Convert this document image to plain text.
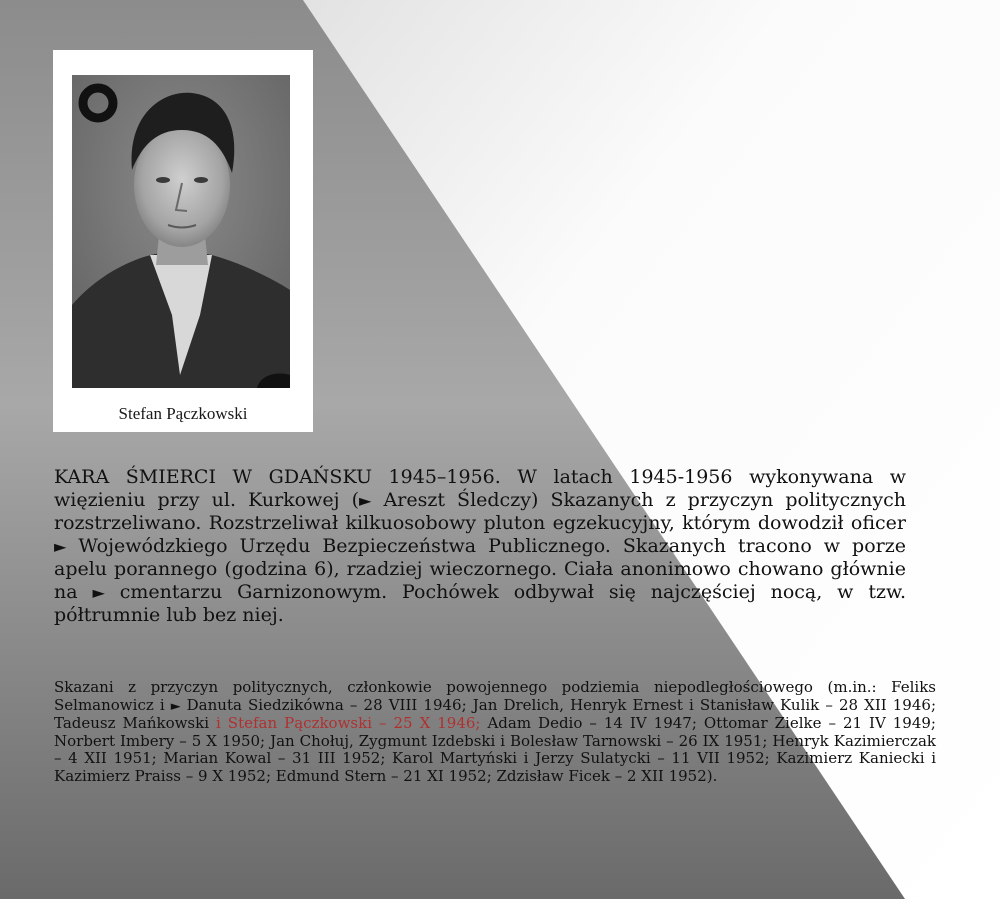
Stefan Pączkowski

KARA ŚMIERCI W GDAŃSKU 1945–1956. W latach 1945-1956 wykonywana w więzieniu przy ul. Kurkowej (► Areszt Śledczy) Skazanych z przyczyn politycznych rozstrzeliwano. Rozstrzeliwał kilkuosobowy pluton egzekucyjny, którym dowodził oficer ► Wojewódzkiego Urzędu Bezpieczeństwa Publicznego. Skazanych tracono w porze apelu porannego (godzina 6), rzadziej wieczornego. Ciała anonimowo chowano głównie na ► cmentarzu Garnizonowym. Pochówek odbywał się najczęściej nocą, w tzw. półtrumnie lub bez niej.

Skazani z przyczyn politycznych, członkowie powojennego podziemia niepodległościowego (m.in.: Feliks Selmanowicz i ► Danuta Siedzikówna – 28 VIII 1946; Jan Drelich, Henryk Ernest i Stanisław Kulik – 28 XII 1946; Tadeusz Mańkowski i Stefan Pączkowski – 25 X 1946; Adam Dedio – 14 IV 1947; Ottomar Zielke – 21 IV 1949; Norbert Imbery – 5 X 1950; Jan Chołuj, Zygmunt Izdebski i Bolesław Tarnowski – 26 IX 1951; Henryk Kazimierczak – 4 XII 1951; Marian Kowal – 31 III 1952; Karol Martyński i Jerzy Sulatycki – 11 VII 1952; Kazimierz Kaniecki i Kazimierz Praiss – 9 X 1952; Edmund Stern – 21 XI 1952; Zdzisław Ficek – 2 XII 1952).
